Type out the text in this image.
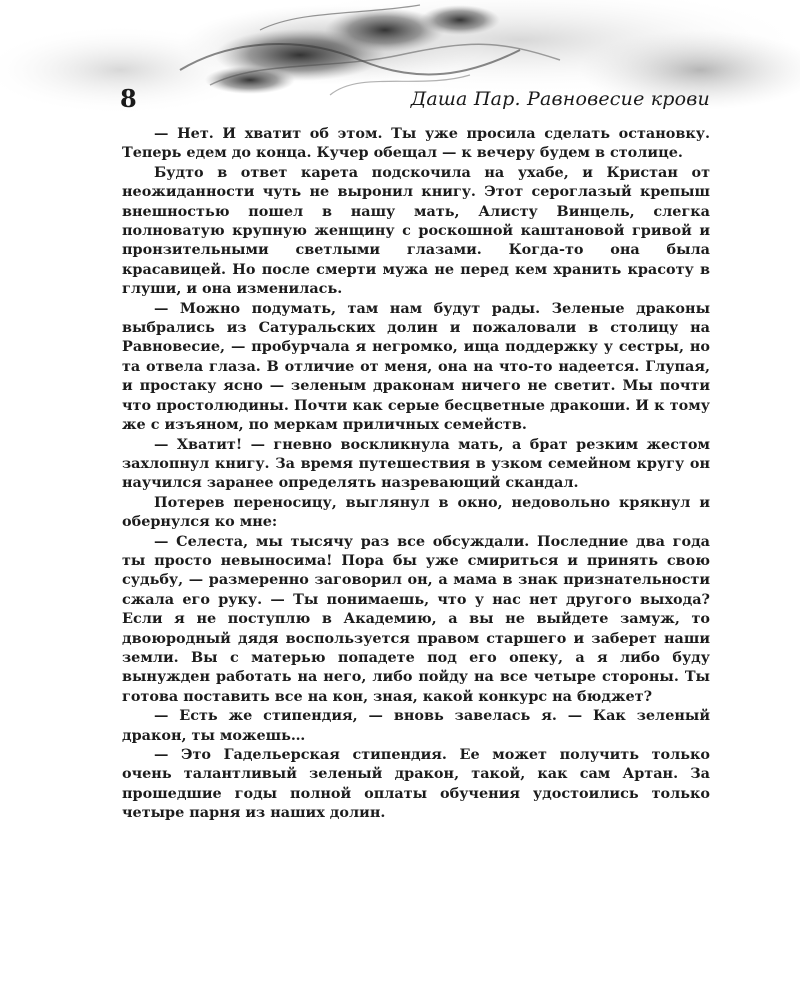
8	Даша Пар. Равновесие крови

— Нет. И хватит об этом. Ты уже просила сделать остановку. Теперь едем до конца. Кучер обещал — к вечеру будем в столице.

Будто в ответ карета подскочила на ухабе, и Кристан от неожиданности чуть не выронил книгу. Этот сероглазый крепыш внешностью пошел в нашу мать, Алисту Винцель, слегка полноватую крупную женщину с роскошной каштановой гривой и пронзительными светлыми глазами. Когда-то она была красавицей. Но после смерти мужа не перед кем хранить красоту в глуши, и она изменилась.

— Можно подумать, там нам будут рады. Зеленые драконы выбрались из Сатуральских долин и пожаловали в столицу на Равновесие, — пробурчала я негромко, ища поддержку у сестры, но та отвела глаза. В отличие от меня, она на что-то надеется. Глупая, и простаку ясно — зеленым драконам ничего не светит. Мы почти что простолюдины. Почти как серые бесцветные дракоши. И к тому же с изъяном, по меркам приличных семейств.

— Хватит! — гневно воскликнула мать, а брат резким жестом захлопнул книгу. За время путешествия в узком семейном кругу он научился заранее определять назревающий скандал.

Потерев переносицу, выглянул в окно, недовольно крякнул и обернулся ко мне:

— Селеста, мы тысячу раз все обсуждали. Последние два года ты просто невыносима! Пора бы уже смириться и принять свою судьбу, — размеренно заговорил он, а мама в знак признательности сжала его руку. — Ты понимаешь, что у нас нет другого выхода? Если я не поступлю в Академию, а вы не выйдете замуж, то двоюродный дядя воспользуется правом старшего и заберет наши земли. Вы с матерью попадете под его опеку, а я либо буду вынужден работать на него, либо пойду на все четыре стороны. Ты готова поставить все на кон, зная, какой конкурс на бюджет?

— Есть же стипендия, — вновь завелась я. — Как зеленый дракон, ты можешь…

— Это Гадельерская стипендия. Ее может получить только очень талантливый зеленый дракон, такой, как сам Артан. За прошедшие годы полной оплаты обучения удостоились только четыре парня из наших долин.
